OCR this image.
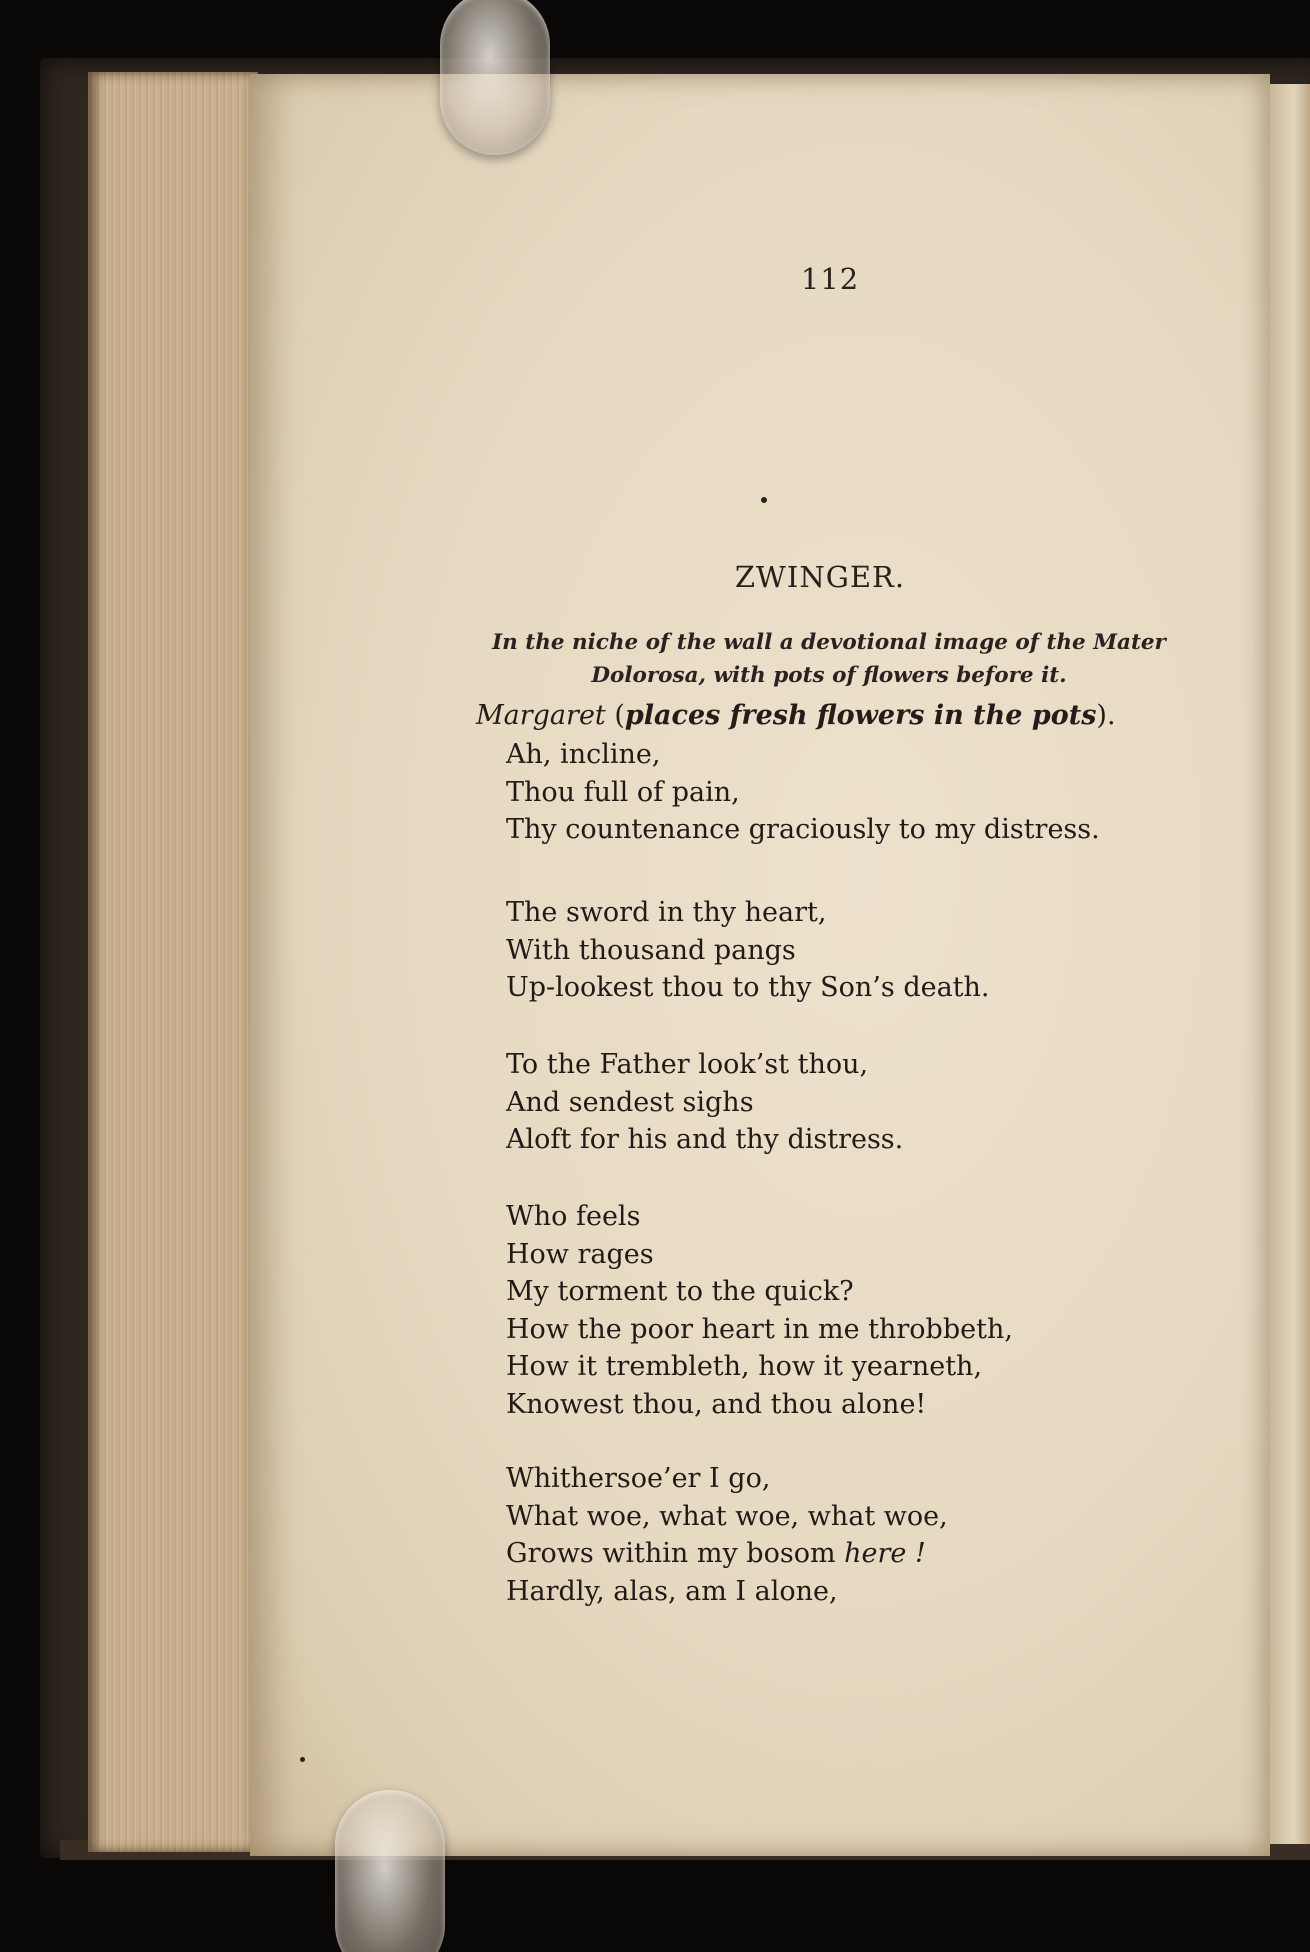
112
ZWINGER.
In the niche of the wall a devotional image of the Mater Dolorosa, with pots of flowers before it.
Margaret (places fresh flowers in the pots).
Ah, incline,
Thou full of pain,
Thy countenance graciously to my distress.
The sword in thy heart,
With thousand pangs
Up-lookest thou to thy Son’s death.
To the Father look’st thou,
And sendest sighs
Aloft for his and thy distress.
Who feels
How rages
My torment to the quick?
How the poor heart in me throbbeth,
How it trembleth, how it yearneth,
Knowest thou, and thou alone!
Whithersoe’er I go,
What woe, what woe, what woe,
Grows within my bosom here !
Hardly, alas, am I alone,
